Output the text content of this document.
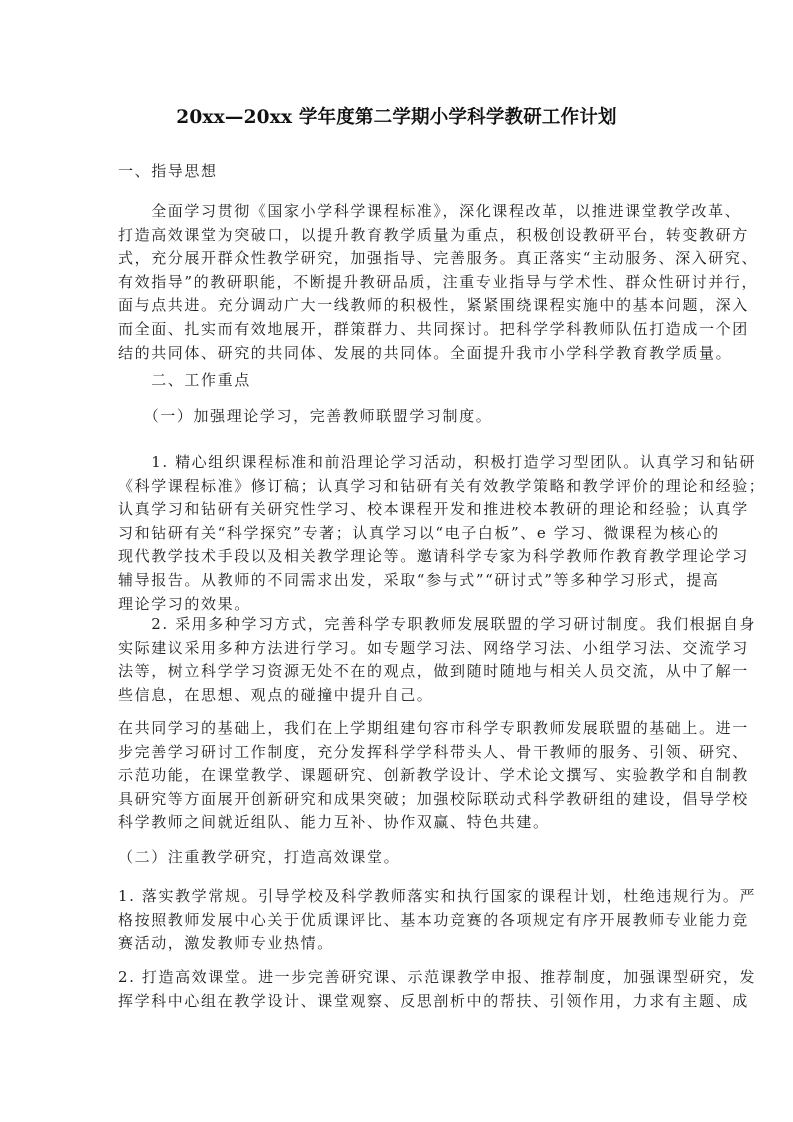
20xx—20xx 学年度第二学期小学科学教研工作计划
一、指导思想
　　全面学习贯彻《国家小学科学课程标准》，深化课程改革，以推进课堂教学改革、
打造高效课堂为突破口，以提升教育教学质量为重点，积极创设教研平台，转变教研方
式，充分展开群众性教学研究，加强指导、完善服务。真正落实“主动服务、深入研究、
有效指导”的教研职能，不断提升教研品质，注重专业指导与学术性、群众性研讨并行，
面与点共进。充分调动广大一线教师的积极性，紧紧围绕课程实施中的基本问题，深入
而全面、扎实而有效地展开，群策群力、共同探讨。把科学学科教师队伍打造成一个团
结的共同体、研究的共同体、发展的共同体。全面提升我市小学科学教育教学质量。
　　二、工作重点
　　（一）加强理论学习，完善教师联盟学习制度。
　　1. 精心组织课程标准和前沿理论学习活动，积极打造学习型团队。认真学习和钻研
《科学课程标准》修订稿；认真学习和钻研有关有效教学策略和教学评价的理论和经验；
认真学习和钻研有关研究性学习、校本课程开发和推进校本教研的理论和经验；认真学
习和钻研有关“科学探究”专著；认真学习以“电子白板”、e 学习、微课程为核心的
现代教学技术手段以及相关教学理论等。邀请科学专家为科学教师作教育教学理论学习
辅导报告。从教师的不同需求出发，采取“参与式”“研讨式”等多种学习形式，提高
理论学习的效果。
　　2. 采用多种学习方式，完善科学专职教师发展联盟的学习研讨制度。我们根据自身
实际建议采用多种方法进行学习。如专题学习法、网络学习法、小组学习法、交流学习
法等，树立科学学习资源无处不在的观点，做到随时随地与相关人员交流，从中了解一
些信息，在思想、观点的碰撞中提升自己。
在共同学习的基础上，我们在上学期组建句容市科学专职教师发展联盟的基础上。进一
步完善学习研讨工作制度，充分发挥科学学科带头人、骨干教师的服务、引领、研究、
示范功能，在课堂教学、课题研究、创新教学设计、学术论文撰写、实验教学和自制教
具研究等方面展开创新研究和成果突破；加强校际联动式科学教研组的建设，倡导学校
科学教师之间就近组队、能力互补、协作双赢、特色共建。
（二）注重教学研究，打造高效课堂。
1. 落实教学常规。引导学校及科学教师落实和执行国家的课程计划，杜绝违规行为。严
格按照教师发展中心关于优质课评比、基本功竞赛的各项规定有序开展教师专业能力竞
赛活动，激发教师专业热情。
2. 打造高效课堂。进一步完善研究课、示范课教学申报、推荐制度，加强课型研究，发
挥学科中心组在教学设计、课堂观察、反思剖析中的帮扶、引领作用，力求有主题、成
